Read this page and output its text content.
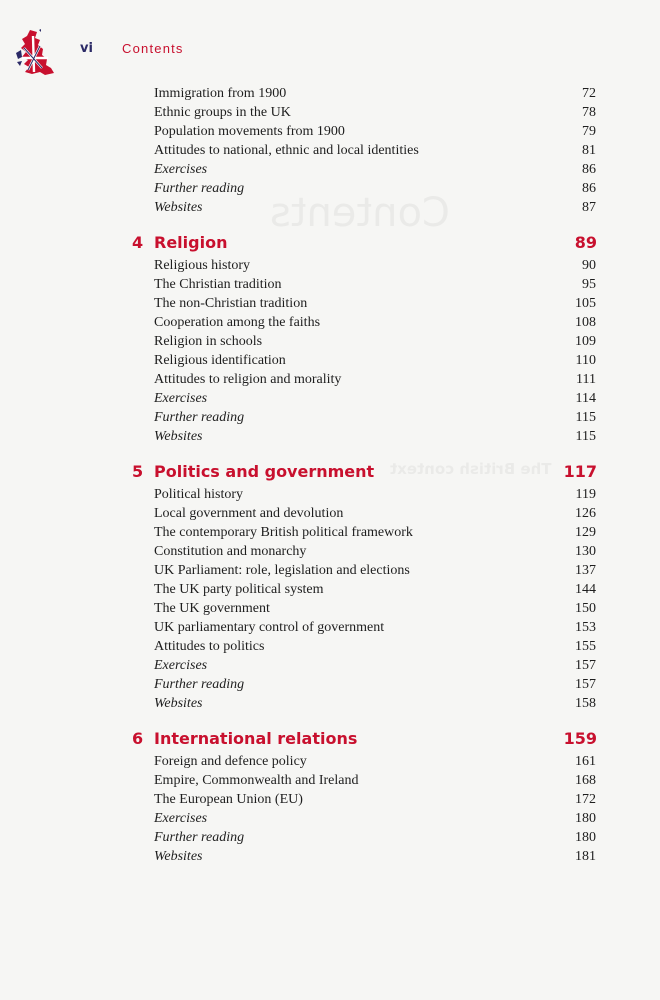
Contents
The British context
vi Contents
Immigration from 1900	72
Ethnic groups in the UK	78
Population movements from 1900	79
Attitudes to national, ethnic and local identities	81
Exercises	86
Further reading	86
Websites	87
4 Religion	89
Religious history	90
The Christian tradition	95
The non-Christian tradition	105
Cooperation among the faiths	108
Religion in schools	109
Religious identification	110
Attitudes to religion and morality	111
Exercises	114
Further reading	115
Websites	115
5 Politics and government	117
Political history	119
Local government and devolution	126
The contemporary British political framework	129
Constitution and monarchy	130
UK Parliament: role, legislation and elections	137
The UK party political system	144
The UK government	150
UK parliamentary control of government	153
Attitudes to politics	155
Exercises	157
Further reading	157
Websites	158
6 International relations	159
Foreign and defence policy	161
Empire, Commonwealth and Ireland	168
The European Union (EU)	172
Exercises	180
Further reading	180
Websites	181
